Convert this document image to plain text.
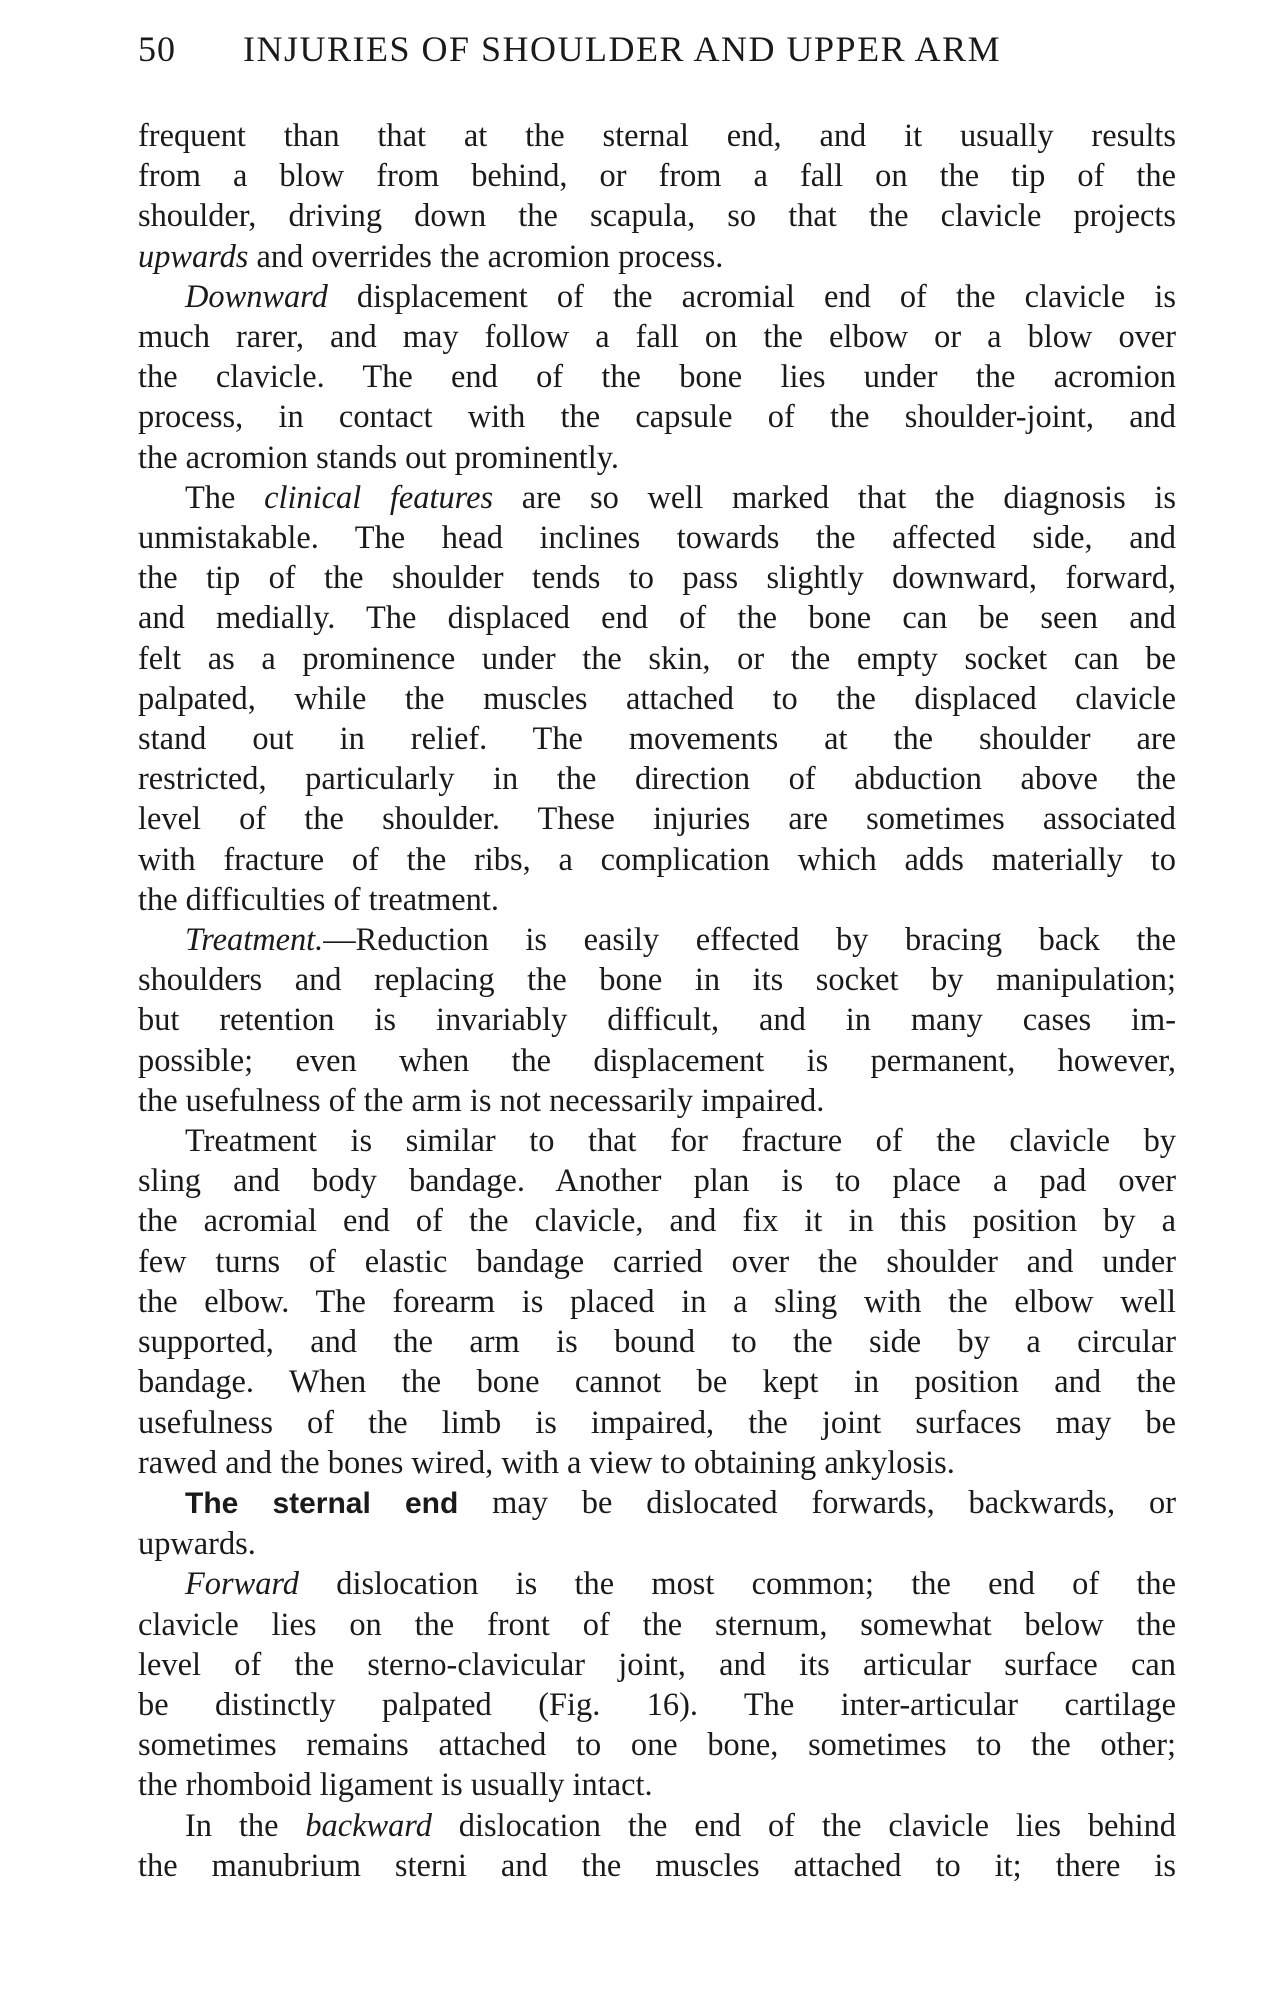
50 INJURIES OF SHOULDER AND UPPER ARM
frequent than that at the sternal end, and it usually results
from a blow from behind, or from a fall on the tip of the
shoulder, driving down the scapula, so that the clavicle projects
upwards and overrides the acromion process.
Downward displacement of the acromial end of the clavicle is
much rarer, and may follow a fall on the elbow or a blow over
the clavicle. The end of the bone lies under the acromion
process, in contact with the capsule of the shoulder-joint, and
the acromion stands out prominently.
The clinical features are so well marked that the diagnosis is
unmistakable. The head inclines towards the affected side, and
the tip of the shoulder tends to pass slightly downward, forward,
and medially. The displaced end of the bone can be seen and
felt as a prominence under the skin, or the empty socket can be
palpated, while the muscles attached to the displaced clavicle
stand out in relief. The movements at the shoulder are
restricted, particularly in the direction of abduction above the
level of the shoulder. These injuries are sometimes associated
with fracture of the ribs, a complication which adds materially to
the difficulties of treatment.
Treatment.—Reduction is easily effected by bracing back the
shoulders and replacing the bone in its socket by manipulation;
but retention is invariably difficult, and in many cases im-
possible; even when the displacement is permanent, however,
the usefulness of the arm is not necessarily impaired.
Treatment is similar to that for fracture of the clavicle by
sling and body bandage. Another plan is to place a pad over
the acromial end of the clavicle, and fix it in this position by a
few turns of elastic bandage carried over the shoulder and under
the elbow. The forearm is placed in a sling with the elbow well
supported, and the arm is bound to the side by a circular
bandage. When the bone cannot be kept in position and the
usefulness of the limb is impaired, the joint surfaces may be
rawed and the bones wired, with a view to obtaining ankylosis.
The sternal end may be dislocated forwards, backwards, or
upwards.
Forward dislocation is the most common; the end of the
clavicle lies on the front of the sternum, somewhat below the
level of the sterno-clavicular joint, and its articular surface can
be distinctly palpated (Fig. 16). The inter-articular cartilage
sometimes remains attached to one bone, sometimes to the other;
the rhomboid ligament is usually intact.
In the backward dislocation the end of the clavicle lies behind
the manubrium sterni and the muscles attached to it; there is
